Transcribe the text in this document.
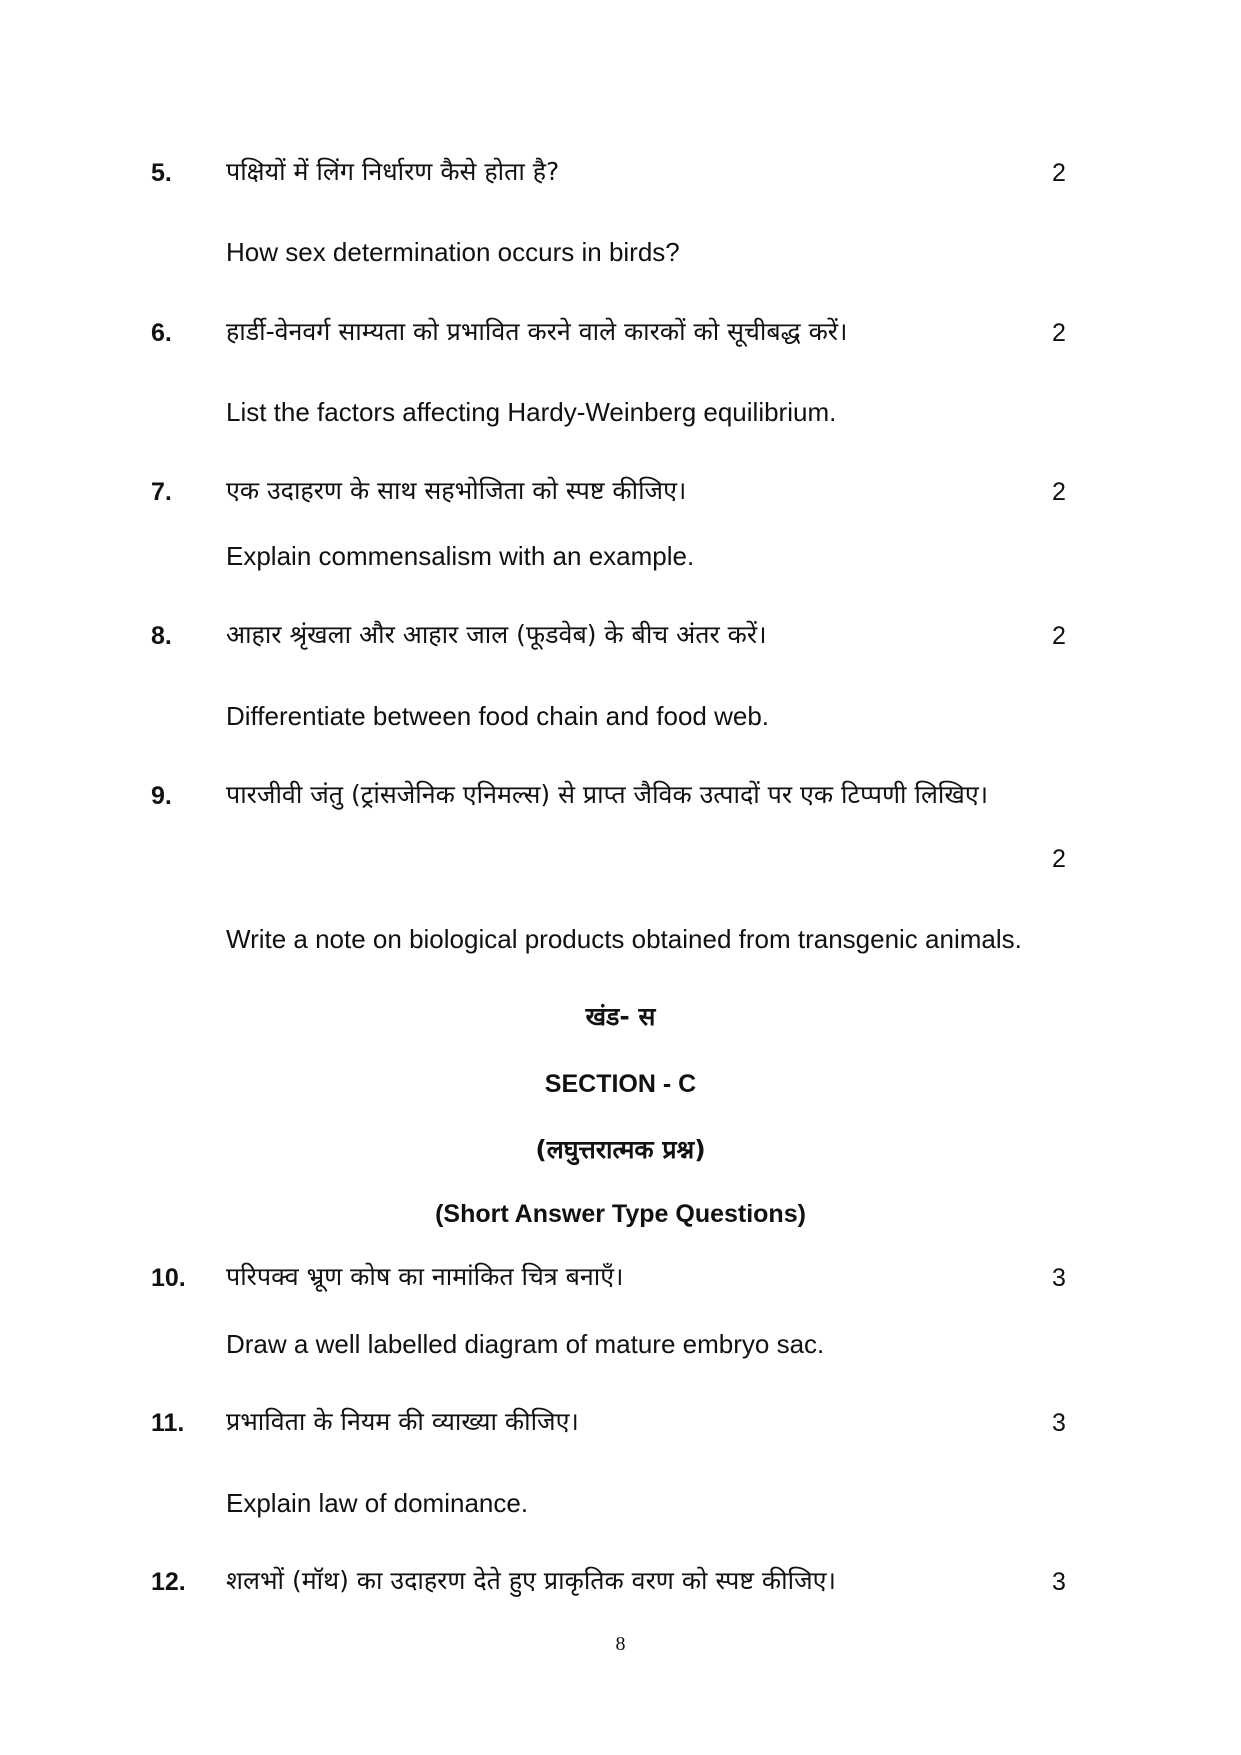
5. पक्षियों में लिंग निर्धारण कैसे होता है?	2
How sex determination occurs in birds?
6. हार्डी-वेनवर्ग साम्यता को प्रभावित करने वाले कारकों को सूचीबद्ध करें।	2
List the factors affecting Hardy-Weinberg equilibrium.
7. एक उदाहरण के साथ सहभोजिता को स्पष्ट कीजिए।	2
Explain commensalism with an example.
8. आहार श्रृंखला और आहार जाल (फूडवेब) के बीच अंतर करें।	2
Differentiate between food chain and food web.
9. पारजीवी जंतु (ट्रांसजेनिक एनिमल्स) से प्राप्त जैविक उत्पादों पर एक टिप्पणी लिखिए।
2
Write a note on biological products obtained from transgenic animals.
खंड- स
SECTION - C
(लघुत्तरात्मक प्रश्न)
(Short Answer Type Questions)
10. परिपक्व भ्रूण कोष का नामांकित चित्र बनाएँ।	3
Draw a well labelled diagram of mature embryo sac.
11. प्रभाविता के नियम की व्याख्या कीजिए।	3
Explain law of dominance.
12. शलभों (मॉथ) का उदाहरण देते हुए प्राकृतिक वरण को स्पष्ट कीजिए।	3
8
